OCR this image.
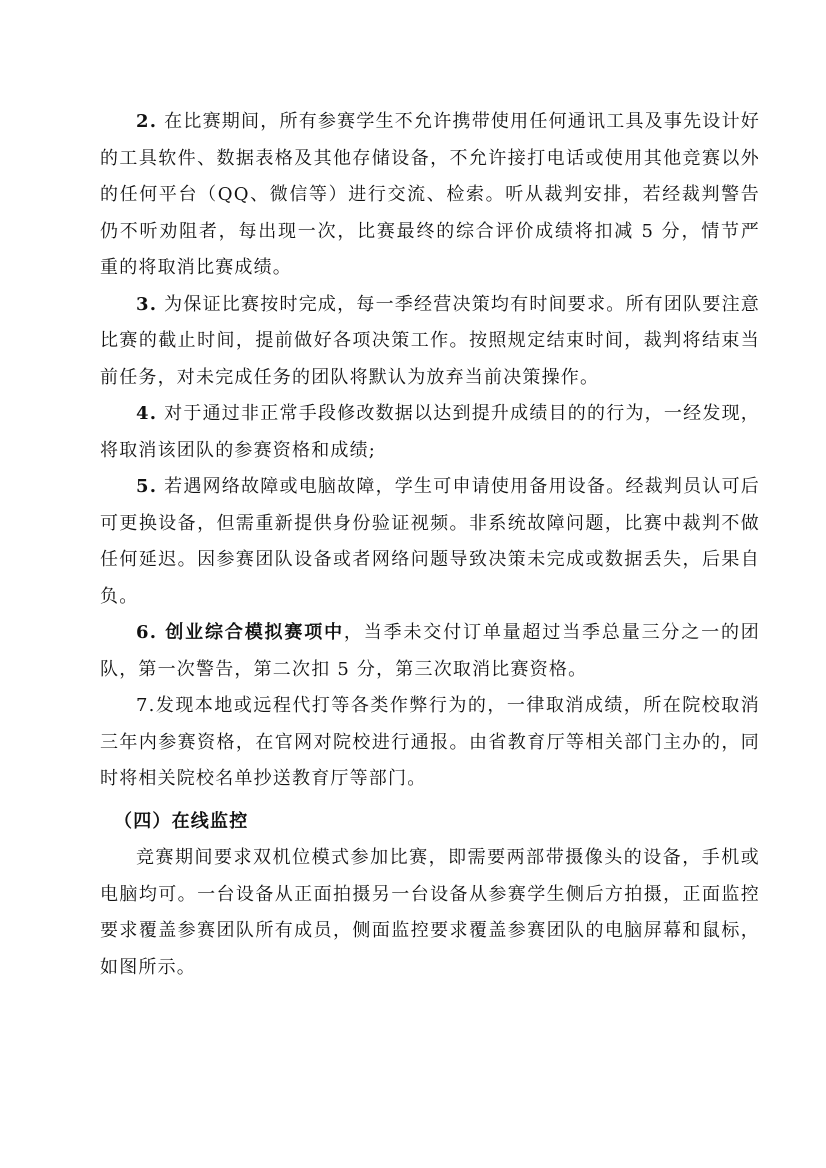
2. 在比赛期间，所有参赛学生不允许携带使用任何通讯工具及事先设计好的工具软件、数据表格及其他存储设备，不允许接打电话或使用其他竞赛以外的任何平台（QQ、微信等）进行交流、检索。听从裁判安排，若经裁判警告仍不听劝阻者，每出现一次，比赛最终的综合评价成绩将扣减 5 分，情节严重的将取消比赛成绩。

3. 为保证比赛按时完成，每一季经营决策均有时间要求。所有团队要注意比赛的截止时间，提前做好各项决策工作。按照规定结束时间，裁判将结束当前任务，对未完成任务的团队将默认为放弃当前决策操作。

4. 对于通过非正常手段修改数据以达到提升成绩目的的行为，一经发现，将取消该团队的参赛资格和成绩;

5. 若遇网络故障或电脑故障，学生可申请使用备用设备。经裁判员认可后可更换设备，但需重新提供身份验证视频。非系统故障问题，比赛中裁判不做任何延迟。因参赛团队设备或者网络问题导致决策未完成或数据丢失，后果自负。

6. 创业综合模拟赛项中，当季未交付订单量超过当季总量三分之一的团队，第一次警告，第二次扣 5 分，第三次取消比赛资格。

7.发现本地或远程代打等各类作弊行为的，一律取消成绩，所在院校取消三年内参赛资格，在官网对院校进行通报。由省教育厅等相关部门主办的，同时将相关院校名单抄送教育厅等部门。

（四）在线监控

竞赛期间要求双机位模式参加比赛，即需要两部带摄像头的设备，手机或电脑均可。一台设备从正面拍摄另一台设备从参赛学生侧后方拍摄，正面监控要求覆盖参赛团队所有成员，侧面监控要求覆盖参赛团队的电脑屏幕和鼠标，如图所示。
